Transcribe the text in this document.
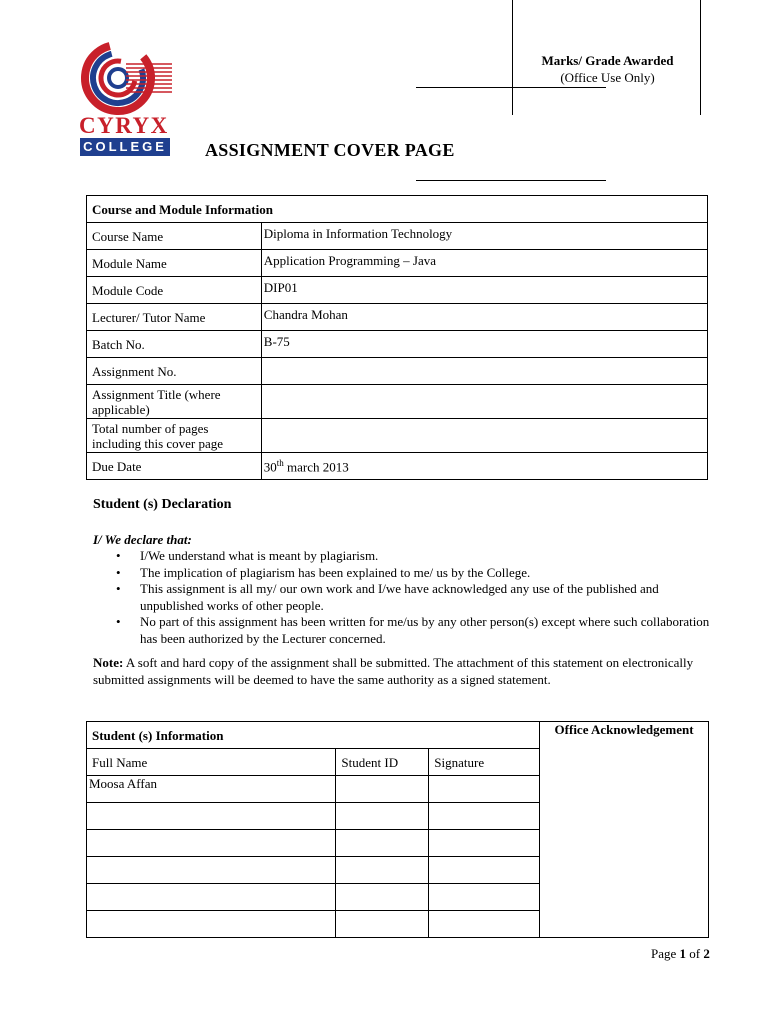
CYRYX
COLLEGE
Marks/ Grade Awarded
(Office Use Only)
ASSIGNMENT COVER PAGE
Course and Module Information	
Course Name	Diploma in Information Technology
Module Name	Application Programming – Java
Module Code	DIP01
Lecturer/ Tutor Name	Chandra Mohan
Batch No.	B-75
Assignment No.	
Assignment Title (where applicable)	
Total number of pages including this cover page	
Due Date	30th march 2013
Student (s) Declaration
I/ We declare that:
• I/We understand what is meant by plagiarism.
• The implication of plagiarism has been explained to me/ us by the College.
• This assignment is all my/ our own work and I/we have acknowledged any use of the published and unpublished works of other people.
• No part of this assignment has been written for me/us by any other person(s) except where such collaboration has been authorized by the Lecturer concerned.
Note: A soft and hard copy of the assignment shall be submitted. The attachment of this statement on electronically submitted assignments will be deemed to have the same authority as a signed statement.
Student (s) Information			Office Acknowledgement
Full Name	Student ID	Signature	
Moosa Affan			

Page 1 of 2
